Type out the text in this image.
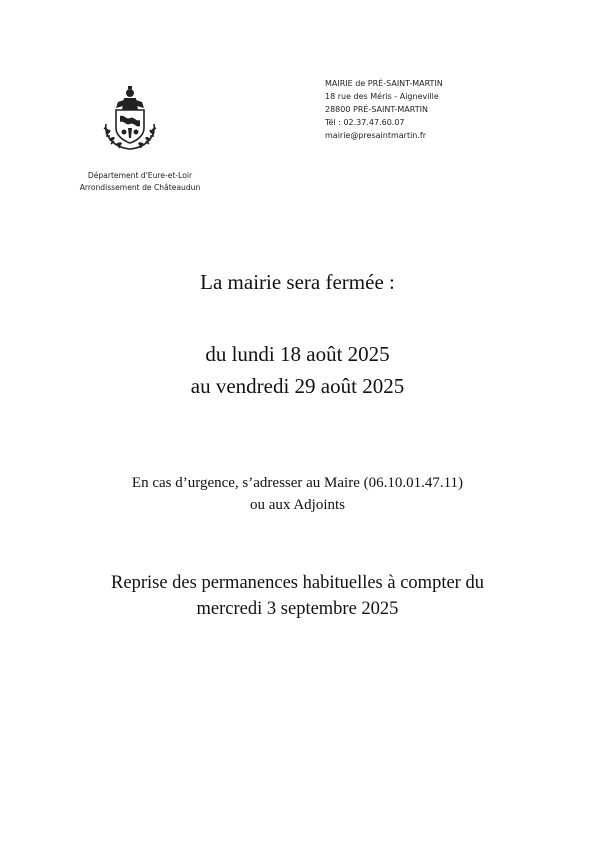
MAIRIE de PRÉ-SAINT-MARTIN
18 rue des Méris - Aigneville
28800 PRÉ-SAINT-MARTIN
Tél : 02.37.47.60.07
mairie@presaintmartin.fr
Département d'Eure-et-Loir
Arrondissement de Châteaudun
La mairie sera fermée :
du lundi 18 août 2025
au vendredi 29 août 2025
En cas d’urgence, s’adresser au Maire (06.10.01.47.11)
ou aux Adjoints
Reprise des permanences habituelles à compter du
mercredi 3 septembre 2025
